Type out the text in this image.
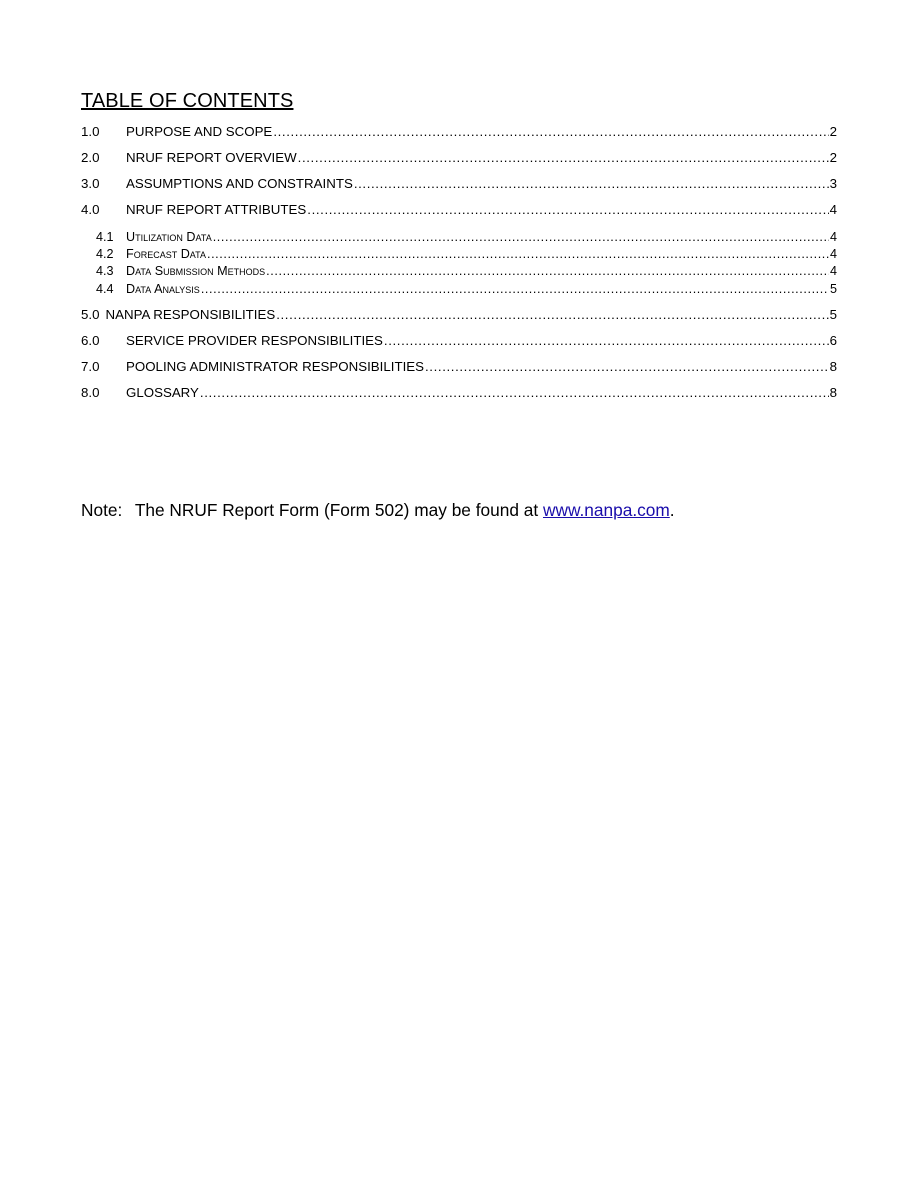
TABLE OF CONTENTS
1.0	PURPOSE AND SCOPE .....	2
2.0	NRUF REPORT OVERVIEW .....	2
3.0	ASSUMPTIONS AND CONSTRAINTS .....	3
4.0	NRUF REPORT ATTRIBUTES .....	4
4.1 Utilization Data .....	4
4.2 Forecast Data .....	4
4.3 Data Submission Methods .....	4
4.4 Data Analysis .....	5
5.0 NANPA RESPONSIBILITIES .....	5
6.0	SERVICE PROVIDER RESPONSIBILITIES .....	6
7.0	POOLING ADMINISTRATOR RESPONSIBILITIES .....	8
8.0	GLOSSARY .....	8
Note: The NRUF Report Form (Form 502) may be found at www.nanpa.com.
